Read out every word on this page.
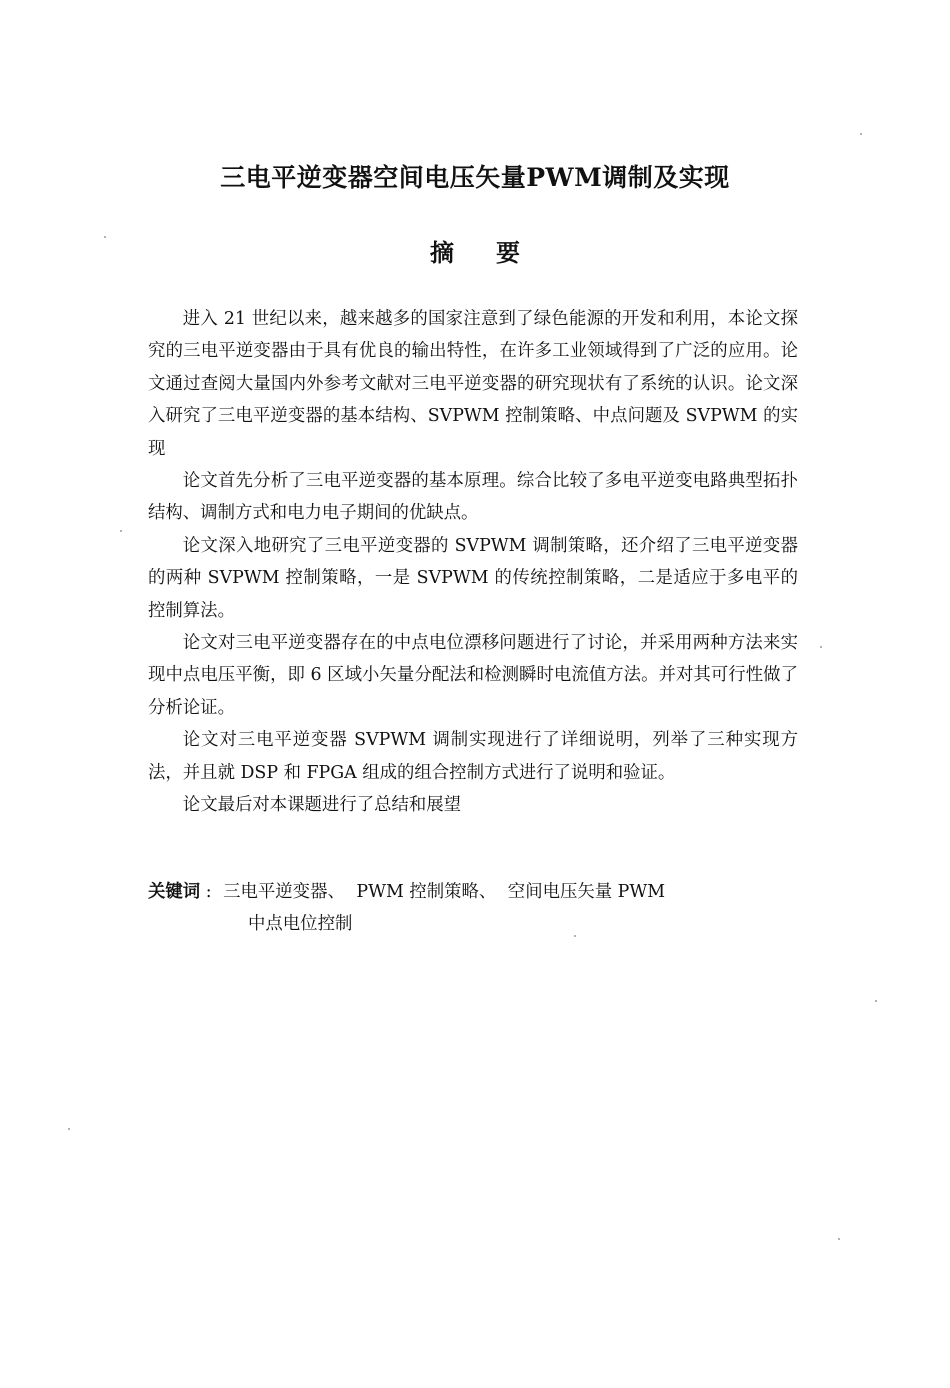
三电平逆变器空间电压矢量PWM调制及实现
摘要

进入 21 世纪以来，越来越多的国家注意到了绿色能源的开发和利用，本论文探究的三电平逆变器由于具有优良的输出特性，在许多工业领域得到了广泛的应用。论文通过查阅大量国内外参考文献对三电平逆变器的研究现状有了系统的认识。论文深入研究了三电平逆变器的基本结构、SVPWM 控制策略、中点问题及 SVPWM 的实现

论文首先分析了三电平逆变器的基本原理。综合比较了多电平逆变电路典型拓扑结构、调制方式和电力电子期间的优缺点。

论文深入地研究了三电平逆变器的 SVPWM 调制策略，还介绍了三电平逆变器的两种 SVPWM 控制策略，一是 SVPWM 的传统控制策略，二是适应于多电平的控制算法。

论文对三电平逆变器存在的中点电位漂移问题进行了讨论，并采用两种方法来实现中点电压平衡，即 6 区域小矢量分配法和检测瞬时电流值方法。并对其可行性做了分析论证。

论文对三电平逆变器 SVPWM 调制实现进行了详细说明，列举了三种实现方法，并且就 DSP 和 FPGA 组成的组合控制方式进行了说明和验证。

论文最后对本课题进行了总结和展望

关键词 : 三电平逆变器、 PWM 控制策略、 空间电压矢量 PWM
中点电位控制
